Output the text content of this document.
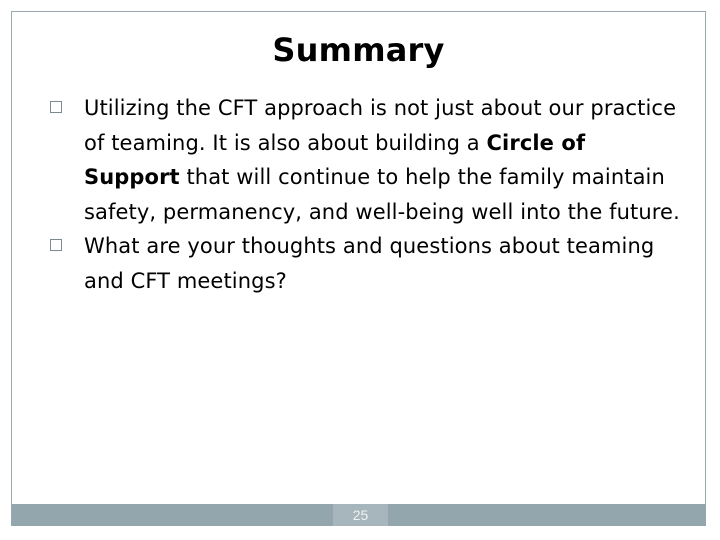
Summary
Utilizing the CFT approach is not just about our practice of teaming. It is also about building a Circle of Support that will continue to help the family maintain safety, permanency, and well-being well into the future.
What are your thoughts and questions about teaming and CFT meetings?
25
